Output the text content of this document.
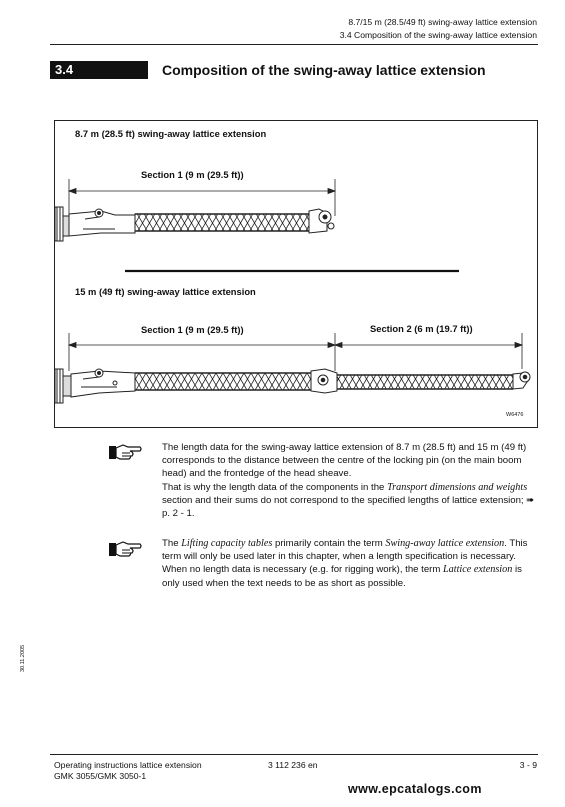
8.7/15 m (28.5/49 ft) swing-away lattice extension
3.4 Composition of the swing-away lattice extension
3.4	Composition of the swing-away lattice extension
8.7 m (28.5 ft) swing-away lattice extension
Section 1 (9 m (29.5 ft))
15 m (49 ft) swing-away lattice extension
Section 1 (9 m (29.5 ft))	Section 2 (6 m (19.7 ft))
W6476

The length data for the swing-away lattice extension of 8.7 m (28.5 ft) and 15 m (49 ft) corresponds to the distance between the centre of the locking pin (on the main boom head) and the frontedge of the head sheave.

That is why the length data of the components in the Transport dimensions and weights section and their sums do not correspond to the specified lengths of lattice extension; ➠ p. 2 - 1.

The Lifting capacity tables primarily contain the term Swing-away lattice extension. This term will only be used later in this chapter, when a length specification is necessary.

When no length data is necessary (e.g. for rigging work), the term Lattice extension is only used when the text needs to be as short as possible.

30.11.2005
Operating instructions lattice extension
GMK 3055/GMK 3050-1
3 112 236 en	3 - 9
www.epcatalogs.com
